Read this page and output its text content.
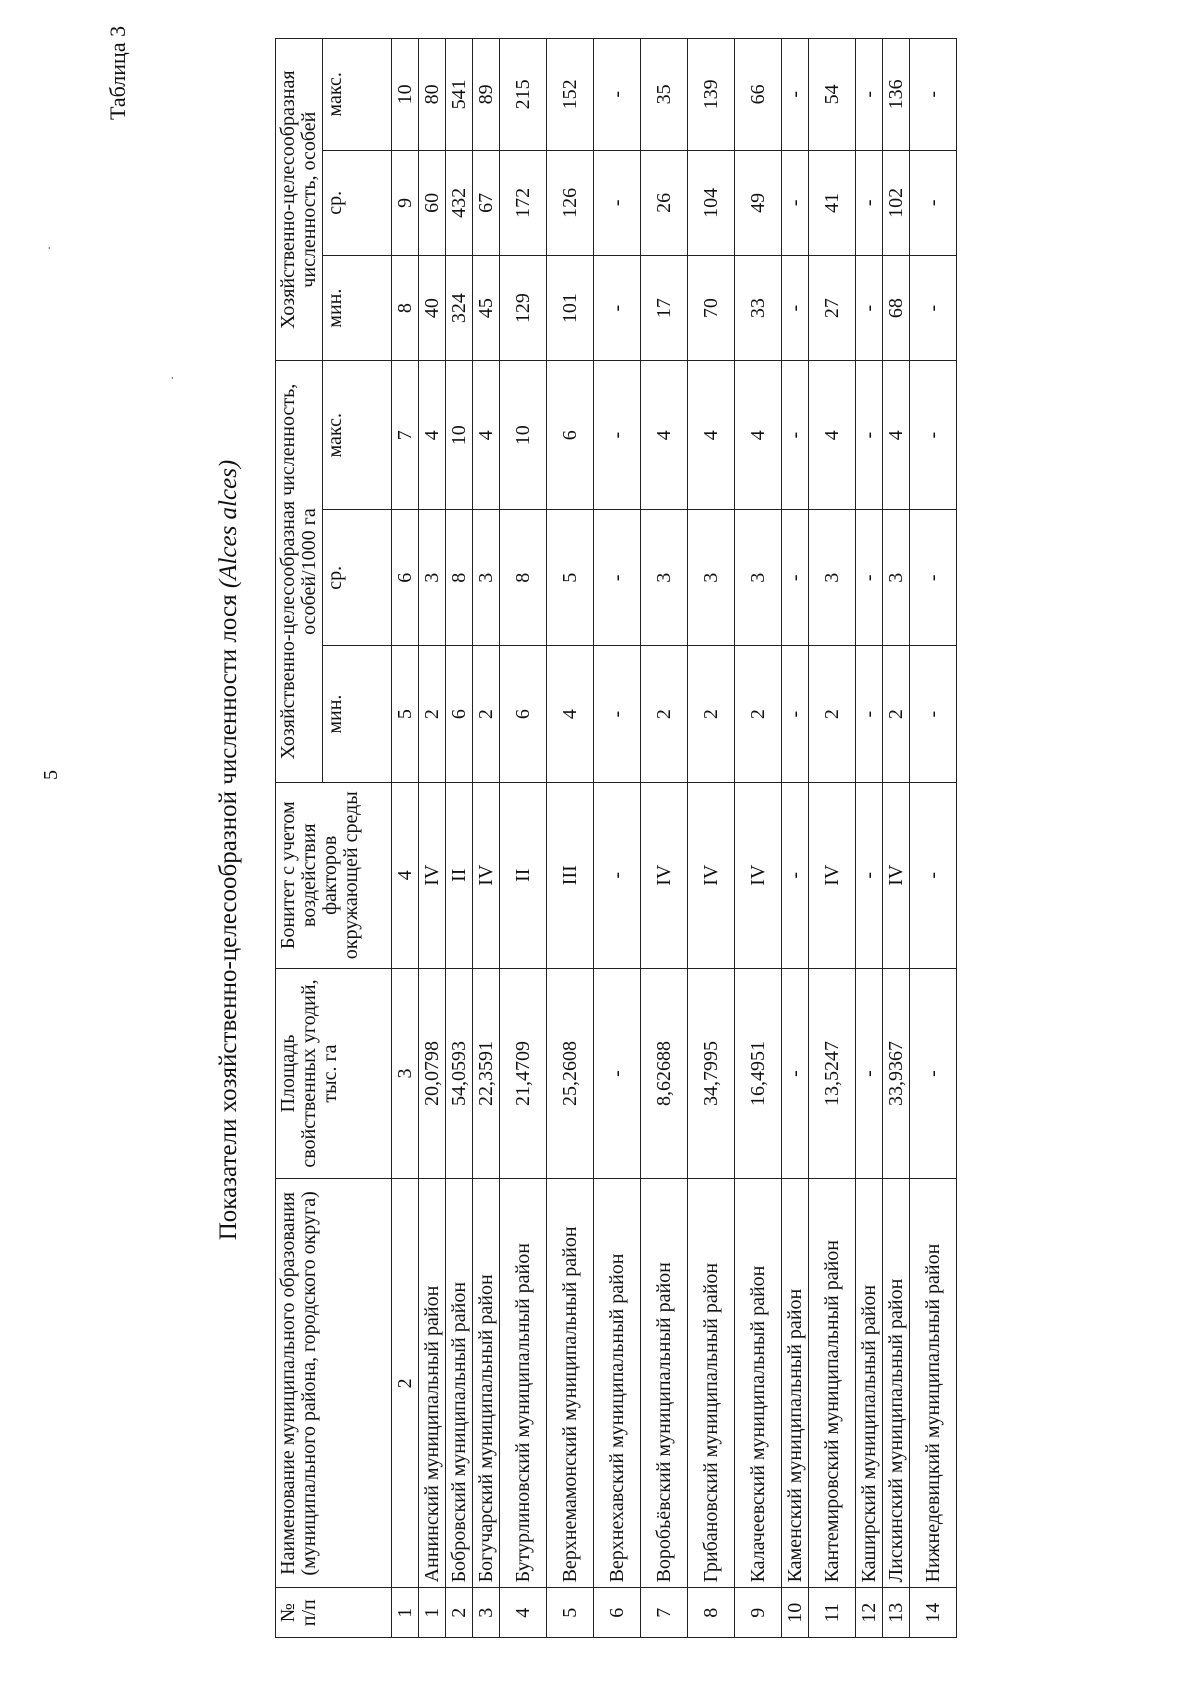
5
Таблица 3
·
·
Показатели хозяйственно-целесообразной численности лося (Alces alces)
№ п/п	Наименование муниципального образования (муниципального района, городского округа)	Площадь свойственных угодий, тыс. га	Бонитет с учетом воздействия факторов окружающей среды	Хозяйственно-целесообразная численность, особей/1000 га			Хозяйственно-целесообразная численность, особей		
				мин.	ср.	макс.	мин.	ср.	макс.
1	2	3	4	5	6	7	8	9	10
1	Аннинский муниципальный район	20,0798	IV	2	3	4	40	60	80
2	Бобровский муниципальный район	54,0593	II	6	8	10	324	432	541
3	Богучарский муниципальный район	22,3591	IV	2	3	4	45	67	89
4	Бутурлиновский муниципальный район	21,4709	II	6	8	10	129	172	215
5	Верхнемамонский муниципальный район	25,2608	III	4	5	6	101	126	152
6	Верхнехавский муниципальный район	-	-	-	-	-	-	-	-
7	Воробьёвский муниципальный район	8,62688	IV	2	3	4	17	26	35
8	Грибановский муниципальный район	34,7995	IV	2	3	4	70	104	139
9	Калачеевский муниципальный район	16,4951	IV	2	3	4	33	49	66
10	Каменский муниципальный район	-	-	-	-	-	-	-	-
11	Кантемировский муниципальный район	13,5247	IV	2	3	4	27	41	54
12	Каширский муниципальный район	-	-	-	-	-	-	-	-
13	Лискинский муниципальный район	33,9367	IV	2	3	4	68	102	136
14	Нижнедевицкий муниципальный район	-	-	-	-	-	-	-	-
